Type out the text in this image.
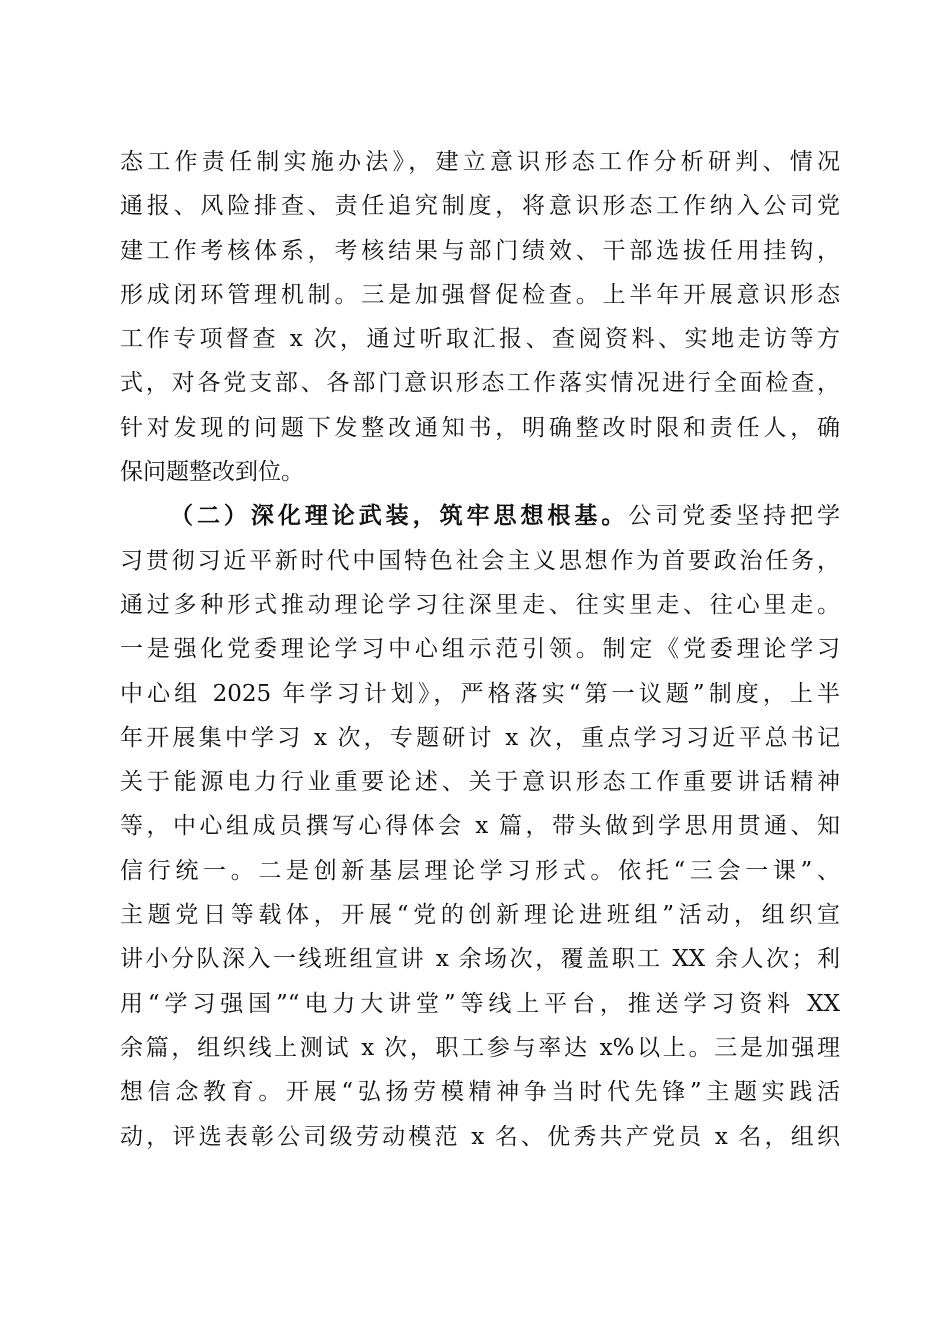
态工作责任制实施办法》，建立意识形态工作分析研判、情况
通报、风险排查、责任追究制度，将意识形态工作纳入公司党
建工作考核体系，考核结果与部门绩效、干部选拔任用挂钩，
形成闭环管理机制。三是加强督促检查。上半年开展意识形态
工作专项督查 x 次，通过听取汇报、查阅资料、实地走访等方
式，对各党支部、各部门意识形态工作落实情况进行全面检查，
针对发现的问题下发整改通知书，明确整改时限和责任人，确
保问题整改到位。
（二）深化理论武装，筑牢思想根基。公司党委坚持把学
习贯彻习近平新时代中国特色社会主义思想作为首要政治任务，
通过多种形式推动理论学习往深里走、往实里走、往心里走。
一是强化党委理论学习中心组示范引领。制定《党委理论学习
中心组 2025 年学习计划》，严格落实“第一议题”制度，上半
年开展集中学习 x 次，专题研讨 x 次，重点学习习近平总书记
关于能源电力行业重要论述、关于意识形态工作重要讲话精神
等，中心组成员撰写心得体会 x 篇，带头做到学思用贯通、知
信行统一。二是创新基层理论学习形式。依托“三会一课”、
主题党日等载体，开展“党的创新理论进班组”活动，组织宣
讲小分队深入一线班组宣讲 x 余场次，覆盖职工 XX 余人次；利
用“学习强国”“电力大讲堂”等线上平台，推送学习资料 XX
余篇，组织线上测试 x 次，职工参与率达 x%以上。三是加强理
想信念教育。开展“弘扬劳模精神争当时代先锋”主题实践活
动，评选表彰公司级劳动模范 x 名、优秀共产党员 x 名，组织
